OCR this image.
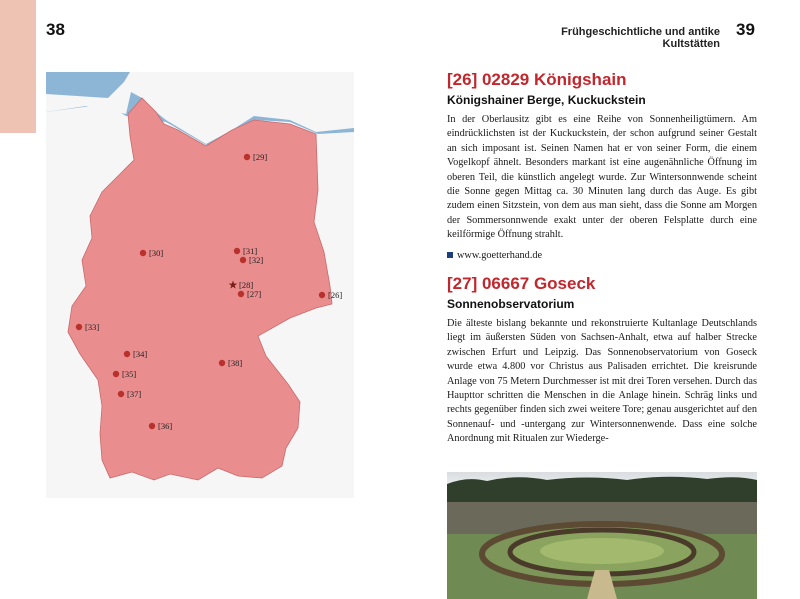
38	Frühgeschichtliche und antike Kultstätten
39
[29]
[30]	[31]
[32]
[28]
[27]	[26]
[33]
[34]
[35]
[38]
[37]
[36]
[26] 02829 Königshain
Königshainer Berge, Kuckuckstein

In der Oberlausitz gibt es eine Reihe von Sonnenheiligtümern. Am eindrücklichsten ist der Kuckuckstein, der schon aufgrund seiner Gestalt an sich imposant ist. Seinen Namen hat er von seiner Form, die einem Vogelkopf ähnelt. Besonders markant ist eine augenähnliche Öffnung im oberen Teil, die künstlich angelegt wurde. Zur Wintersonnwende scheint die Sonne gegen Mittag ca. 30 Minuten lang durch das Auge. Es gibt zudem einen Sitzstein, von dem aus man sieht, dass die Sonne am Morgen der Sommersonnwende exakt unter der oberen Felsplatte durch eine keilförmige Öffnung strahlt.

www.goetterhand.de
[27] 06667 Goseck
Sonnenobservatorium

Die älteste bislang bekannte und rekonstruierte Kultanlage Deutschlands liegt im äußersten Süden von Sachsen-Anhalt, etwa auf halber Strecke zwischen Erfurt und Leipzig. Das Sonnenobservatorium von Goseck wurde etwa 4.800 vor Christus aus Palisaden errichtet. Die kreisrunde Anlage von 75 Metern Durchmesser ist mit drei Toren versehen. Durch das Haupttor schritten die Menschen in die Anlage hinein. Schräg links und rechts gegenüber finden sich zwei weitere Tore; genau ausgerichtet auf den Sonnenauf- und -untergang zur Wintersonnenwende. Dass eine solche Anordnung mit Ritualen zur Wiederge-
